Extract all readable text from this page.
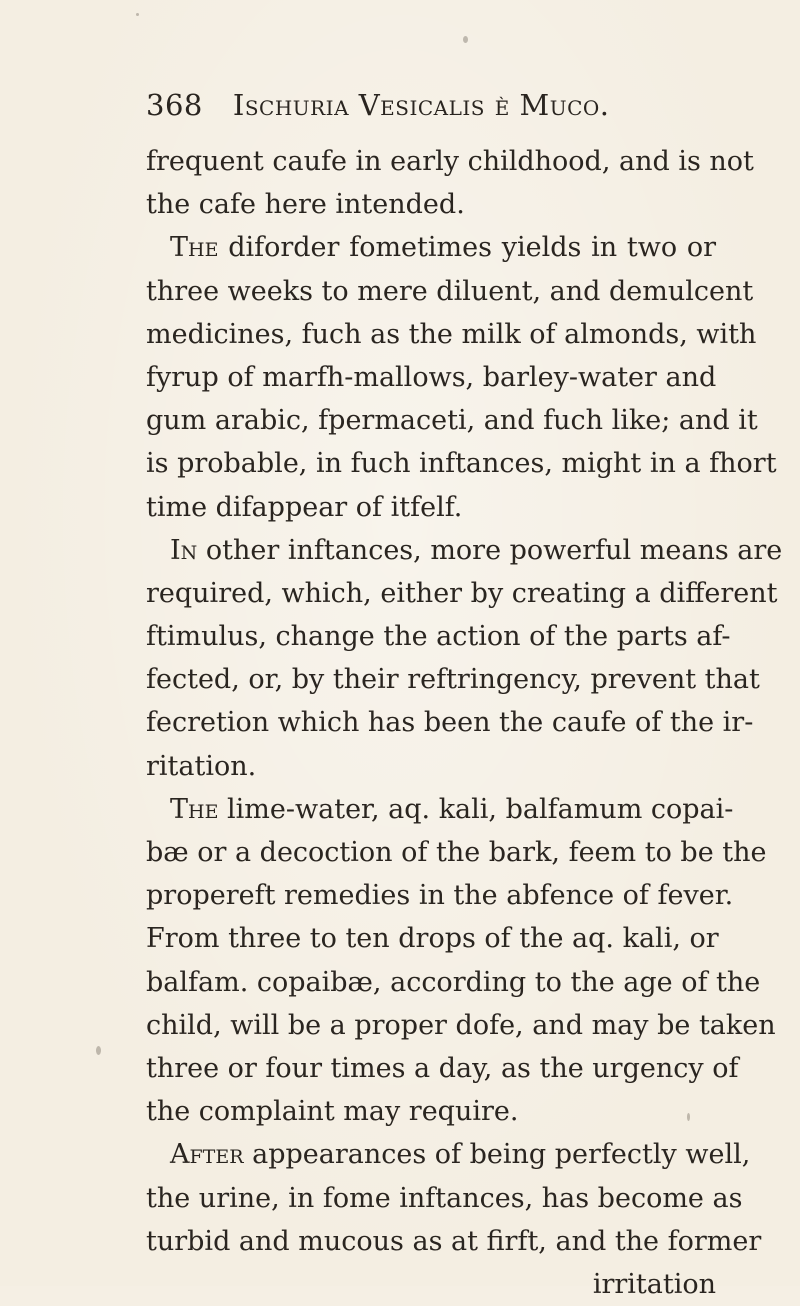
368 Ischuria Vesicalis è Muco.
frequent caufe in early childhood, and is not
the cafe here intended.
The diforder fometimes yields in two or
three weeks to mere diluent, and demulcent
medicines, fuch as the milk of almonds, with
fyrup of marfh-mallows, barley-water and
gum arabic, fpermaceti, and fuch like; and it
is probable, in fuch inftances, might in a fhort
time difappear of itfelf.
In other inftances, more powerful means are
required, which, either by creating a different
ftimulus, change the action of the parts af-
fected, or, by their reftringency, prevent that
fecretion which has been the caufe of the ir-
ritation.
The lime-water, aq. kali, balfamum copai-
bæ or a decoction of the bark, feem to be the
propereft remedies in the abfence of fever.
From three to ten drops of the aq. kali, or
balfam. copaibæ, according to the age of the
child, will be a proper dofe, and may be taken
three or four times a day, as the urgency of
the complaint may require.
After appearances of being perfectly well,
the urine, in fome inftances, has become as
turbid and mucous as at firft, and the former
irritation
